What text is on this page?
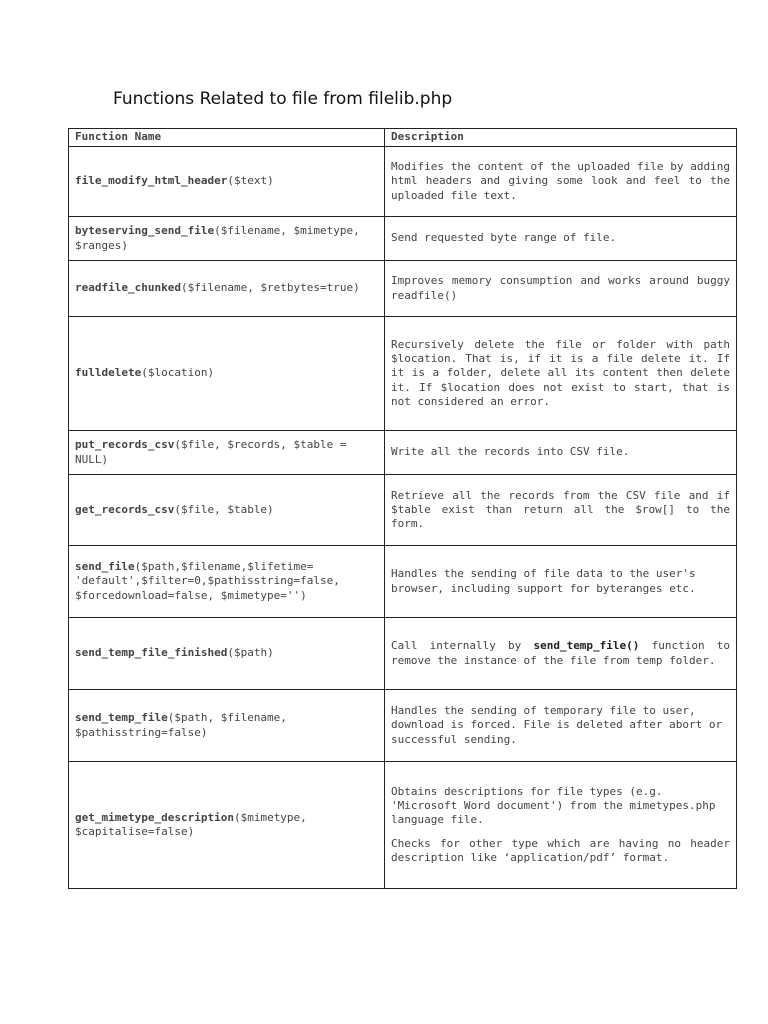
Functions Related to file from filelib.php
Function Name	Description
file_modify_html_header($text)	Modifies the content of the uploaded file by adding html headers and giving some look and feel to the uploaded file text.
byteserving_send_file($filename, $mimetype, $ranges)	Send requested byte range of file.
readfile_chunked($filename, $retbytes=true)	Improves memory consumption and works around buggy readfile()
fulldelete($location)	Recursively delete the file or folder with path $location. That is, if it is a file delete it. If it is a folder, delete all its content then delete it. If $location does not exist to start, that is not considered an error.
put_records_csv($file, $records, $table = NULL)	Write all the records into CSV file.
get_records_csv($file, $table)	Retrieve all the records from the CSV file and if $table exist than return all the $row[] to the form.
send_file($path,$filename,$lifetime= 'default',$filter=0,$pathisstring=false, $forcedownload=false, $mimetype='')	Handles the sending of file data to the user's browser, including support for byteranges etc.
send_temp_file_finished($path)	Call internally by send_temp_file() function to remove the instance of the file from temp folder.
send_temp_file($path, $filename, $pathisstring=false)	Handles the sending of temporary file to user, download is forced. File is deleted after abort or successful sending.
get_mimetype_description($mimetype, $capitalise=false)	Obtains descriptions for file types (e.g. 'Microsoft Word document') from the mimetypes.php language file.
Checks for other type which are having no header description like ‘application/pdf’ format.
